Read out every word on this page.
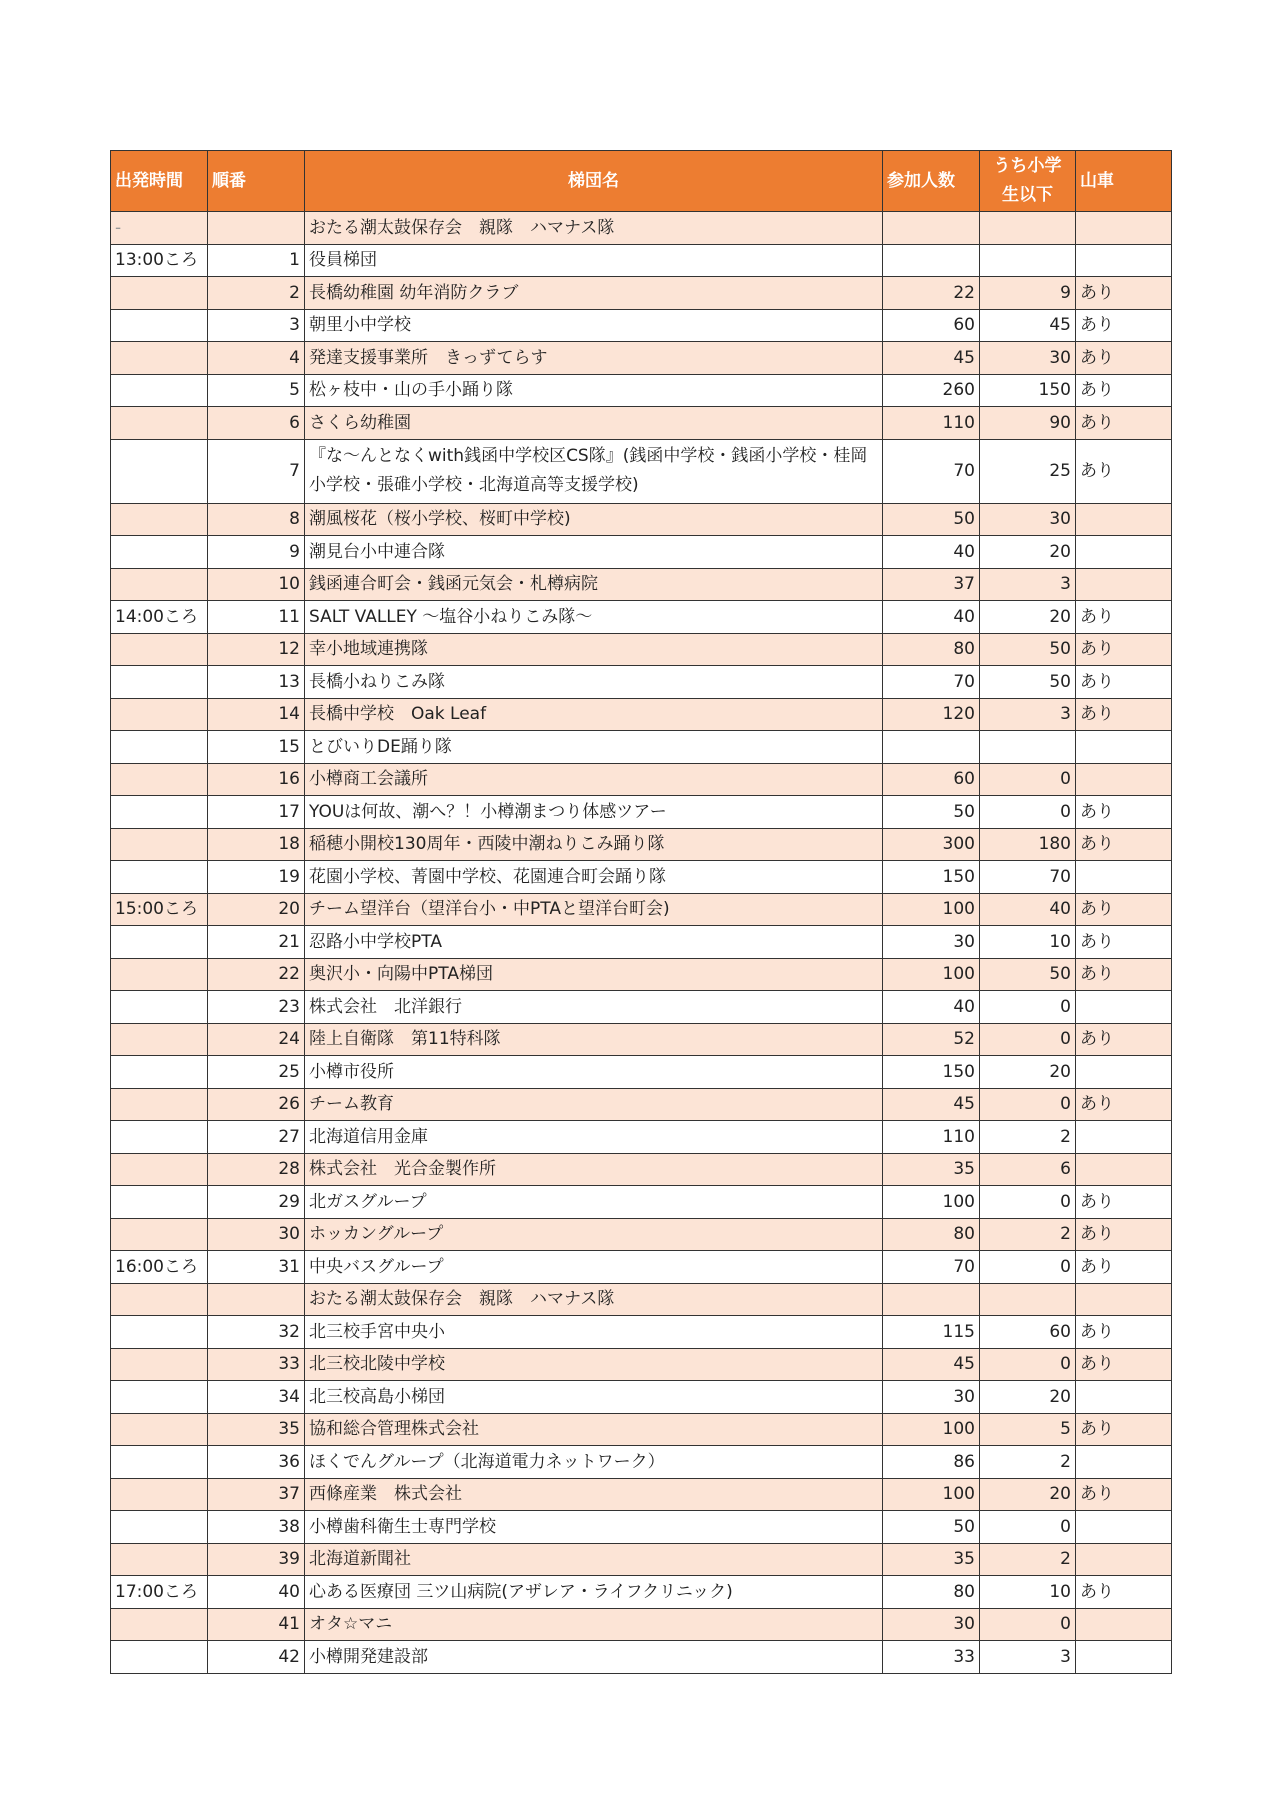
出発時間	順番	梯団名	参加人数	うち小学
生以下	山車
-		おたる潮太鼓保存会　親隊　ハマナス隊			
13:00ころ	1	役員梯団			
	2	長橋幼稚園 幼年消防クラブ	22	9	あり
	3	朝里小中学校	60	45	あり
	4	発達支援事業所　きっずてらす	45	30	あり
	5	松ヶ枝中・山の手小踊り隊	260	150	あり
	6	さくら幼稚園	110	90	あり
	7	『な〜んとなくwith銭函中学校区CS隊』(銭函中学校・銭函小学校・桂岡小学校・張碓小学校・北海道高等支援学校)	70	25	あり
	8	潮風桜花（桜小学校、桜町中学校)	50	30	
	9	潮見台小中連合隊	40	20	
	10	銭函連合町会・銭函元気会・札樽病院	37	3	
14:00ころ	11	SALT VALLEY 〜塩谷小ねりこみ隊〜	40	20	あり
	12	幸小地域連携隊	80	50	あり
	13	長橋小ねりこみ隊	70	50	あり
	14	長橋中学校　Oak Leaf	120	3	あり
	15	とびいりDE踊り隊			
	16	小樽商工会議所	60	0	
	17	YOUは何故、潮へ？！小樽潮まつり体感ツアー	50	0	あり
	18	稲穂小開校130周年・西陵中潮ねりこみ踊り隊	300	180	あり
	19	花園小学校、菁園中学校、花園連合町会踊り隊	150	70	
15:00ころ	20	チーム望洋台（望洋台小・中PTAと望洋台町会)	100	40	あり
	21	忍路小中学校PTA	30	10	あり
	22	奥沢小・向陽中PTA梯団	100	50	あり
	23	株式会社　北洋銀行	40	0	
	24	陸上自衛隊　第11特科隊	52	0	あり
	25	小樽市役所	150	20	
	26	チーム教育	45	0	あり
	27	北海道信用金庫	110	2	
	28	株式会社　光合金製作所	35	6	
	29	北ガスグループ	100	0	あり
	30	ホッカングループ	80	2	あり
16:00ころ	31	中央バスグループ	70	0	あり
		おたる潮太鼓保存会　親隊　ハマナス隊			
	32	北三校手宮中央小	115	60	あり
	33	北三校北陵中学校	45	0	あり
	34	北三校高島小梯団	30	20	
	35	協和総合管理株式会社	100	5	あり
	36	ほくでんグループ（北海道電力ネットワーク）	86	2	
	37	西條産業　株式会社	100	20	あり
	38	小樽歯科衛生士専門学校	50	0	
	39	北海道新聞社	35	2	
17:00ころ	40	心ある医療団 三ツ山病院(アザレア・ライフクリニック)	80	10	あり
	41	オタ☆マニ	30	0	
	42	小樽開発建設部	33	3	
